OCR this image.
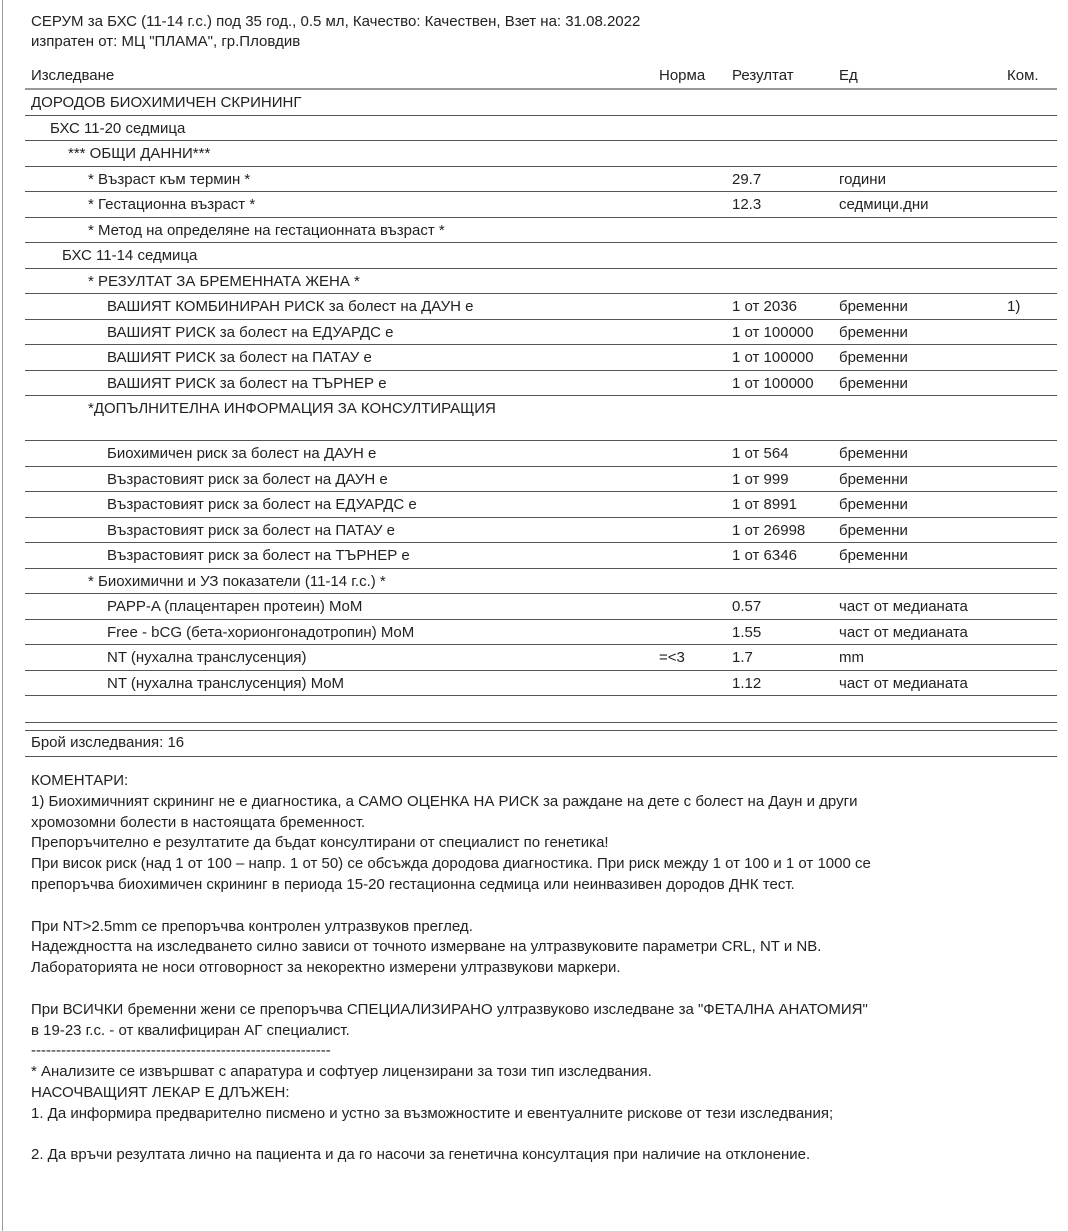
СЕРУМ за БХС (11-14 г.с.) под 35 год., 0.5 мл, Качество: Качествен, Взет на: 31.08.2022
изпратен от: МЦ "ПЛАМА", гр.Пловдив
Изследване	Норма Резултат	Ед	Ком.
ДОРОДОВ БИОХИМИЧЕН СКРИНИНГ
БХС 11-20 седмица
*** ОБЩИ ДАННИ***
* Възраст към термин *	29.7	години
* Гестационна възраст *	12.3	седмици.дни
* Метод на определяне на гестационната възраст *
БХС 11-14 седмица
* РЕЗУЛТАТ ЗА БРЕМЕННАТА ЖЕНА *
ВАШИЯТ КОМБИНИРАН РИСК за болест на ДАУН е	1 от 2036	бременни	1)
ВАШИЯТ РИСК за болест на ЕДУАРДС е	1 от 100000 бременни
ВАШИЯТ РИСК за болест на ПАТАУ е	1 от 100000 бременни
ВАШИЯТ РИСК за болест на ТЪРНЕР е	1 от 100000 бременни
*ДОПЪЛНИТЕЛНА ИНФОРМАЦИЯ ЗА КОНСУЛТИРАЩИЯ
Биохимичен риск за болест на ДАУН е	1 от 564	бременни
Възрастовият риск за болест на ДАУН е	1 от 999	бременни
Възрастовият риск за болест на ЕДУАРДС е	1 от 8991	бременни
Възрастовият риск за болест на ПАТАУ е	1 от 26998 бременни
Възрастовият риск за болест на ТЪРНЕР е	1 от 6346	бременни
* Биохимични и УЗ показатели (11-14 г.с.) *
PAPP-A (плацентарен протеин) MoM	0.57	част от медианата
Free - bCG (бета-хорионгонадотропин) MoM	1.55	част от медианата
NT (нухална транслусенция)	=<3	1.7	mm
NT (нухална транслусенция) MoM	1.12	част от медианата
Брой изследвания: 16

КОМЕНТАРИ:

1) Биохимичният скрининг не е диагностика, а САМО ОЦЕНКА НА РИСК за раждане на дете с болест на Даун и други

хромозомни болести в настоящата бременност.

Препоръчително е резултатите да бъдат консултирани от специалист по генетика!

При висок риск (над 1 от 100 – напр. 1 от 50) се обсъжда дородова диагностика. При риск между 1 от 100 и 1 от 1000 се

препоръчва биохимичен скрининг в периода 15-20 гестационна седмица или неинвазивен дородов ДНК тест.

При NT>2.5mm се препоръчва контролен ултразвуков преглед.

Надеждността на изследването силно зависи от точното измерване на ултразвуковите параметри CRL, NT и NB.

Лабораторията не носи отговорност за некоректно измерени ултразвукови маркери.

При ВСИЧКИ бременни жени се препоръчва СПЕЦИАЛИЗИРАНО ултразвуково изследване за "ФЕТАЛНА АНАТОМИЯ"

в 19-23 г.с. - от квалифициран АГ специалист.

------------------------------------------------------------

* Анализите се извършват с апаратура и софтуер лицензирани за този тип изследвания.

НАСОЧВАЩИЯТ ЛЕКАР Е ДЛЪЖЕН:

1. Да информира предварително писмено и устно за възможностите и евентуалните рискове от тези изследвания;

2. Да връчи резултата лично на пациента и да го насочи за генетична консултация при наличие на отклонение.
